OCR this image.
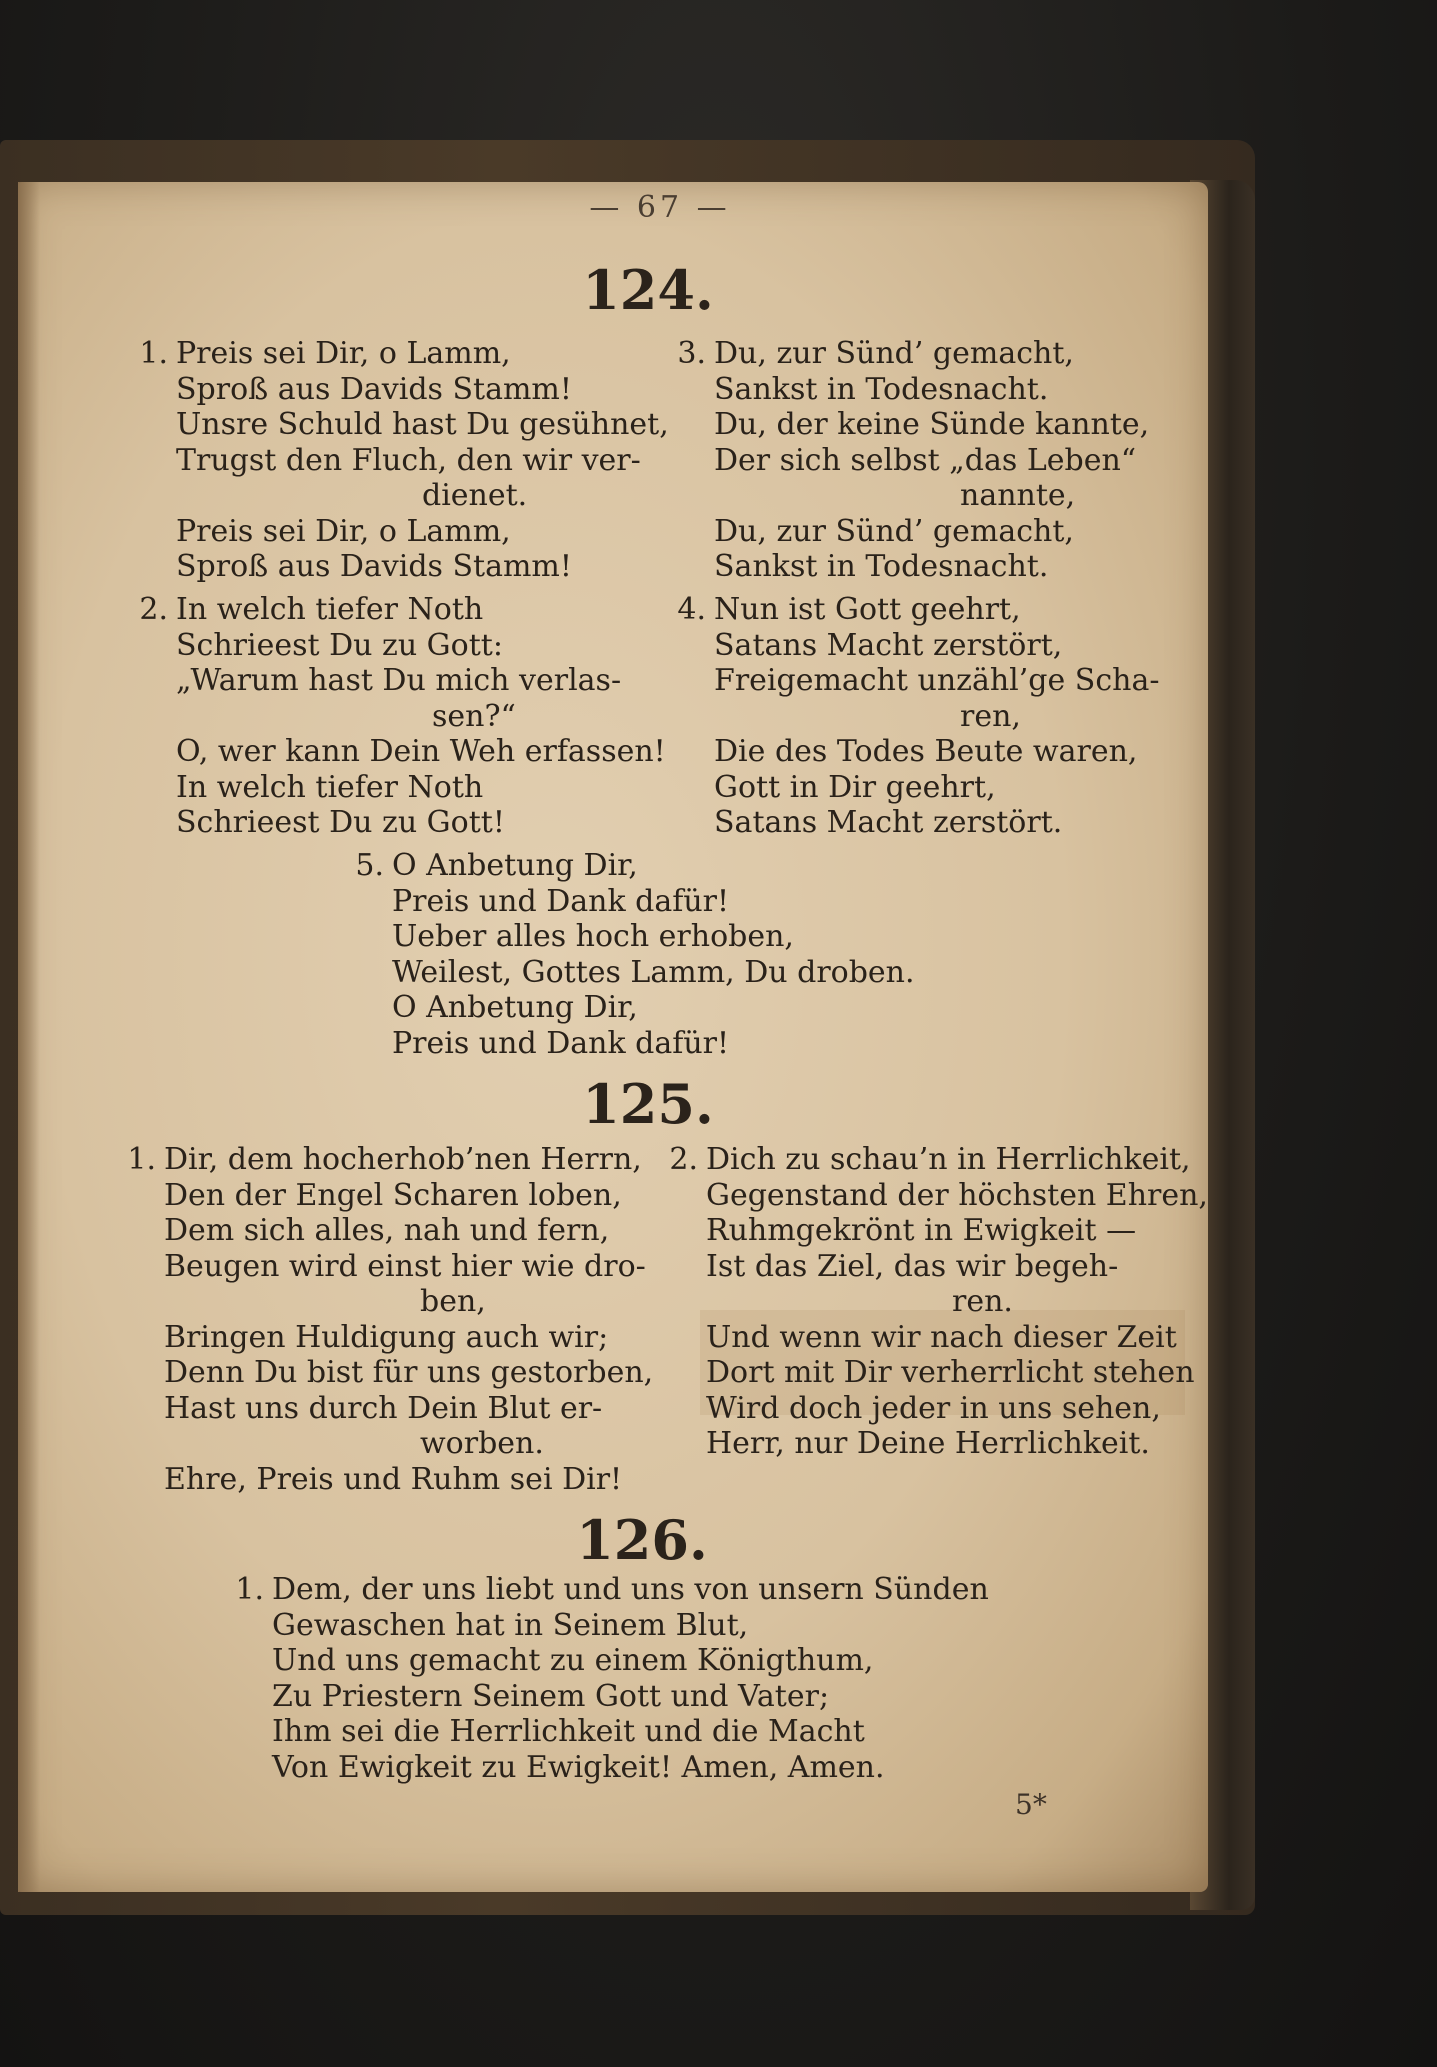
— 67 —
124.
1. Preis sei Dir, o Lamm,
Sproß aus Davids Stamm!
Unsre Schuld hast Du gesühnet,
Trugst den Fluch, den wir ver-
dienet.
Preis sei Dir, o Lamm,
Sproß aus Davids Stamm!
2. In welch tiefer Noth
Schrieest Du zu Gott:
„Warum hast Du mich verlas-
sen?“
O, wer kann Dein Weh erfassen!
In welch tiefer Noth
Schrieest Du zu Gott!
3. Du, zur Sünd’ gemacht,
Sankst in Todesnacht.
Du, der keine Sünde kannte,
Der sich selbst „das Leben“
nannte,
Du, zur Sünd’ gemacht,
Sankst in Todesnacht.
4. Nun ist Gott geehrt,
Satans Macht zerstört,
Freigemacht unzähl’ge Scha-
ren,
Die des Todes Beute waren,
Gott in Dir geehrt,
Satans Macht zerstört.
5. O Anbetung Dir,
Preis und Dank dafür!
Ueber alles hoch erhoben,
Weilest, Gottes Lamm, Du droben.
O Anbetung Dir,
Preis und Dank dafür!
125.
1. Dir, dem hocherhob’nen Herrn,
Den der Engel Scharen loben,
Dem sich alles, nah und fern,
Beugen wird einst hier wie dro-
ben,
Bringen Huldigung auch wir;
Denn Du bist für uns gestorben,
Hast uns durch Dein Blut er-
worben.
Ehre, Preis und Ruhm sei Dir!
2. Dich zu schau’n in Herrlichkeit,
Gegenstand der höchsten Ehren,
Ruhmgekrönt in Ewigkeit —
Ist das Ziel, das wir begeh-
ren.
Und wenn wir nach dieser Zeit
Dort mit Dir verherrlicht stehen
Wird doch jeder in uns sehen,
Herr, nur Deine Herrlichkeit.
126.
1. Dem, der uns liebt und uns von unsern Sünden
Gewaschen hat in Seinem Blut,
Und uns gemacht zu einem Königthum,
Zu Priestern Seinem Gott und Vater;
Ihm sei die Herrlichkeit und die Macht
Von Ewigkeit zu Ewigkeit! Amen, Amen.
5*
